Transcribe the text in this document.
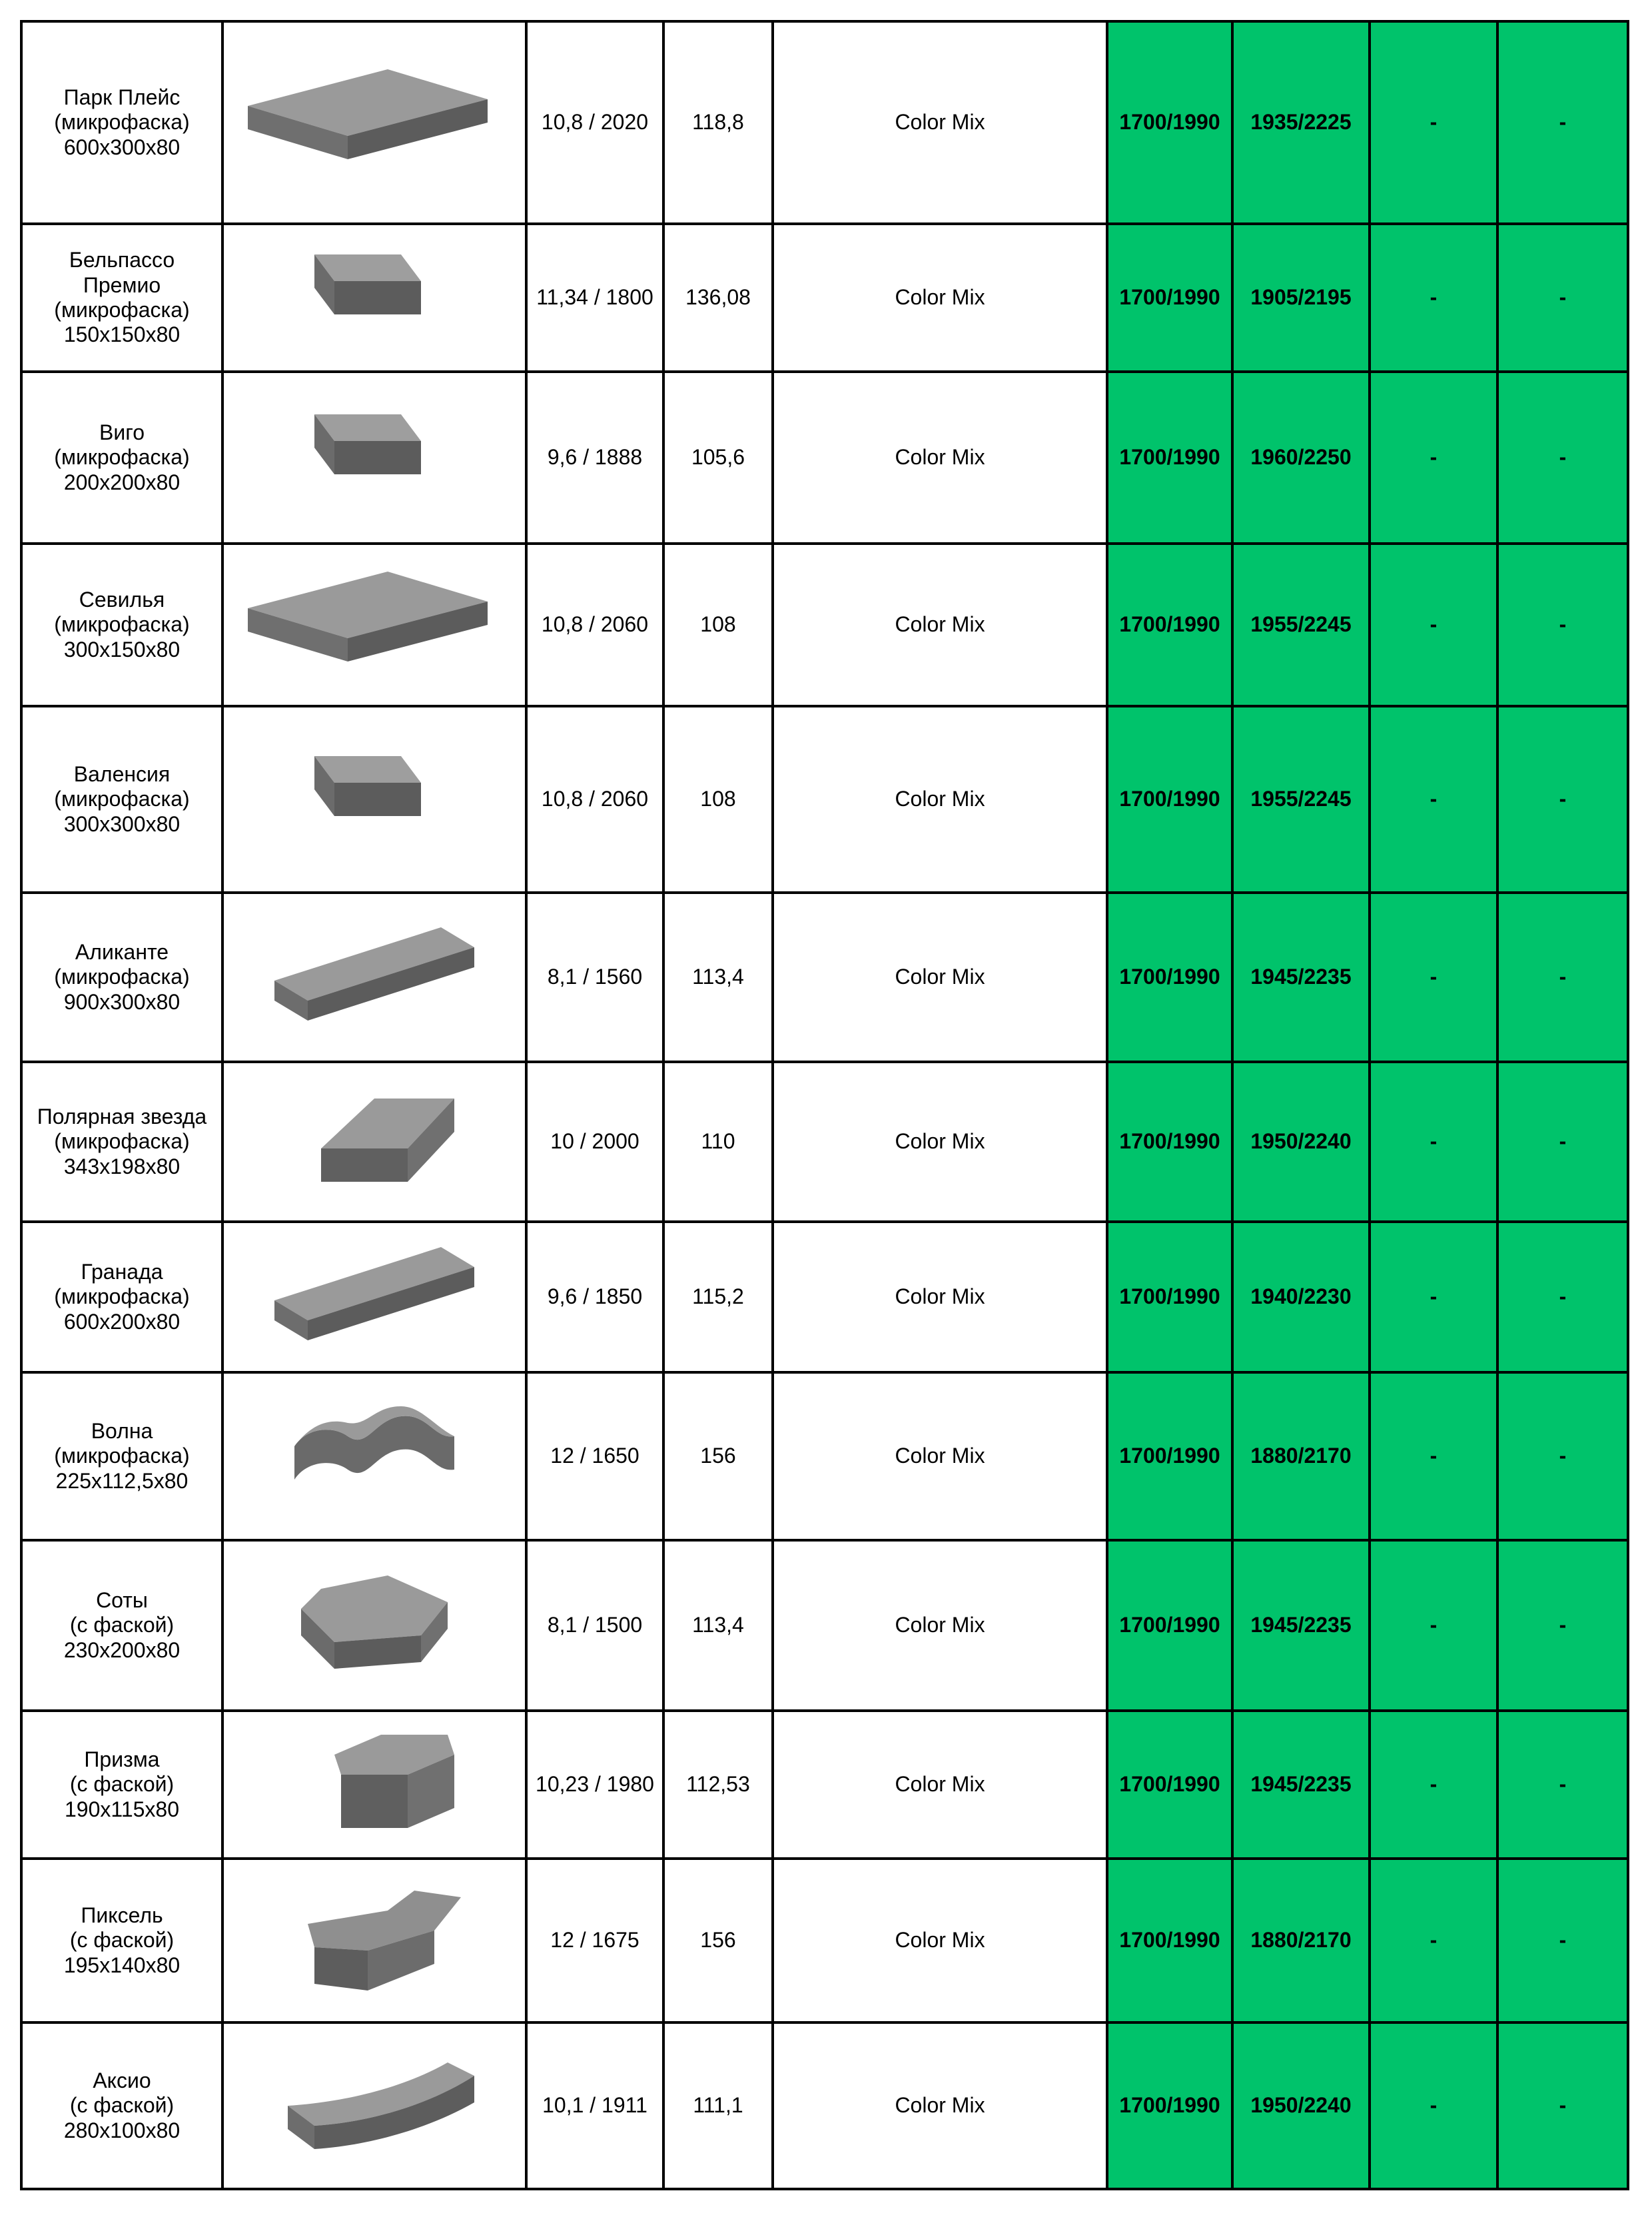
Парк Плейс
(микрофаска)
600х300х80		10,8 / 2020	118,8	Color Mix	1700/1990	1935/2225	-	-

Бельпассо
Премио
(микрофаска)
150х150х80		11,34 / 1800	136,08	Color Mix	1700/1990	1905/2195	-	-

Виго
(микрофаска)
200х200х80		9,6 / 1888	105,6	Color Mix	1700/1990	1960/2250	-	-

Севилья
(микрофаска)
300х150х80		10,8 / 2060	108	Color Mix	1700/1990	1955/2245	-	-

Валенсия
(микрофаска)
300х300х80		10,8 / 2060	108	Color Mix	1700/1990	1955/2245	-	-

Аликанте
(микрофаска)
900х300х80		8,1 / 1560	113,4	Color Mix	1700/1990	1945/2235	-	-

Полярная звезда
(микрофаска)
343х198х80		10 / 2000	110	Color Mix	1700/1990	1950/2240	-	-

Гранада
(микрофаска)
600х200х80		9,6 / 1850	115,2	Color Mix	1700/1990	1940/2230	-	-

Волна
(микрофаска)
225х112,5х80		12 / 1650	156	Color Mix	1700/1990	1880/2170	-	-

Соты
(с фаской)
230х200х80		8,1 / 1500	113,4	Color Mix	1700/1990	1945/2235	-	-

Призма
(с фаской)
190х115х80		10,23 / 1980	112,53	Color Mix	1700/1990	1945/2235	-	-

Пиксель
(с фаской)
195х140х80		12 / 1675	156	Color Mix	1700/1990	1880/2170	-	-

Аксио
(с фаской)
280х100х80		10,1 / 1911	111,1	Color Mix	1700/1990	1950/2240	-	-
